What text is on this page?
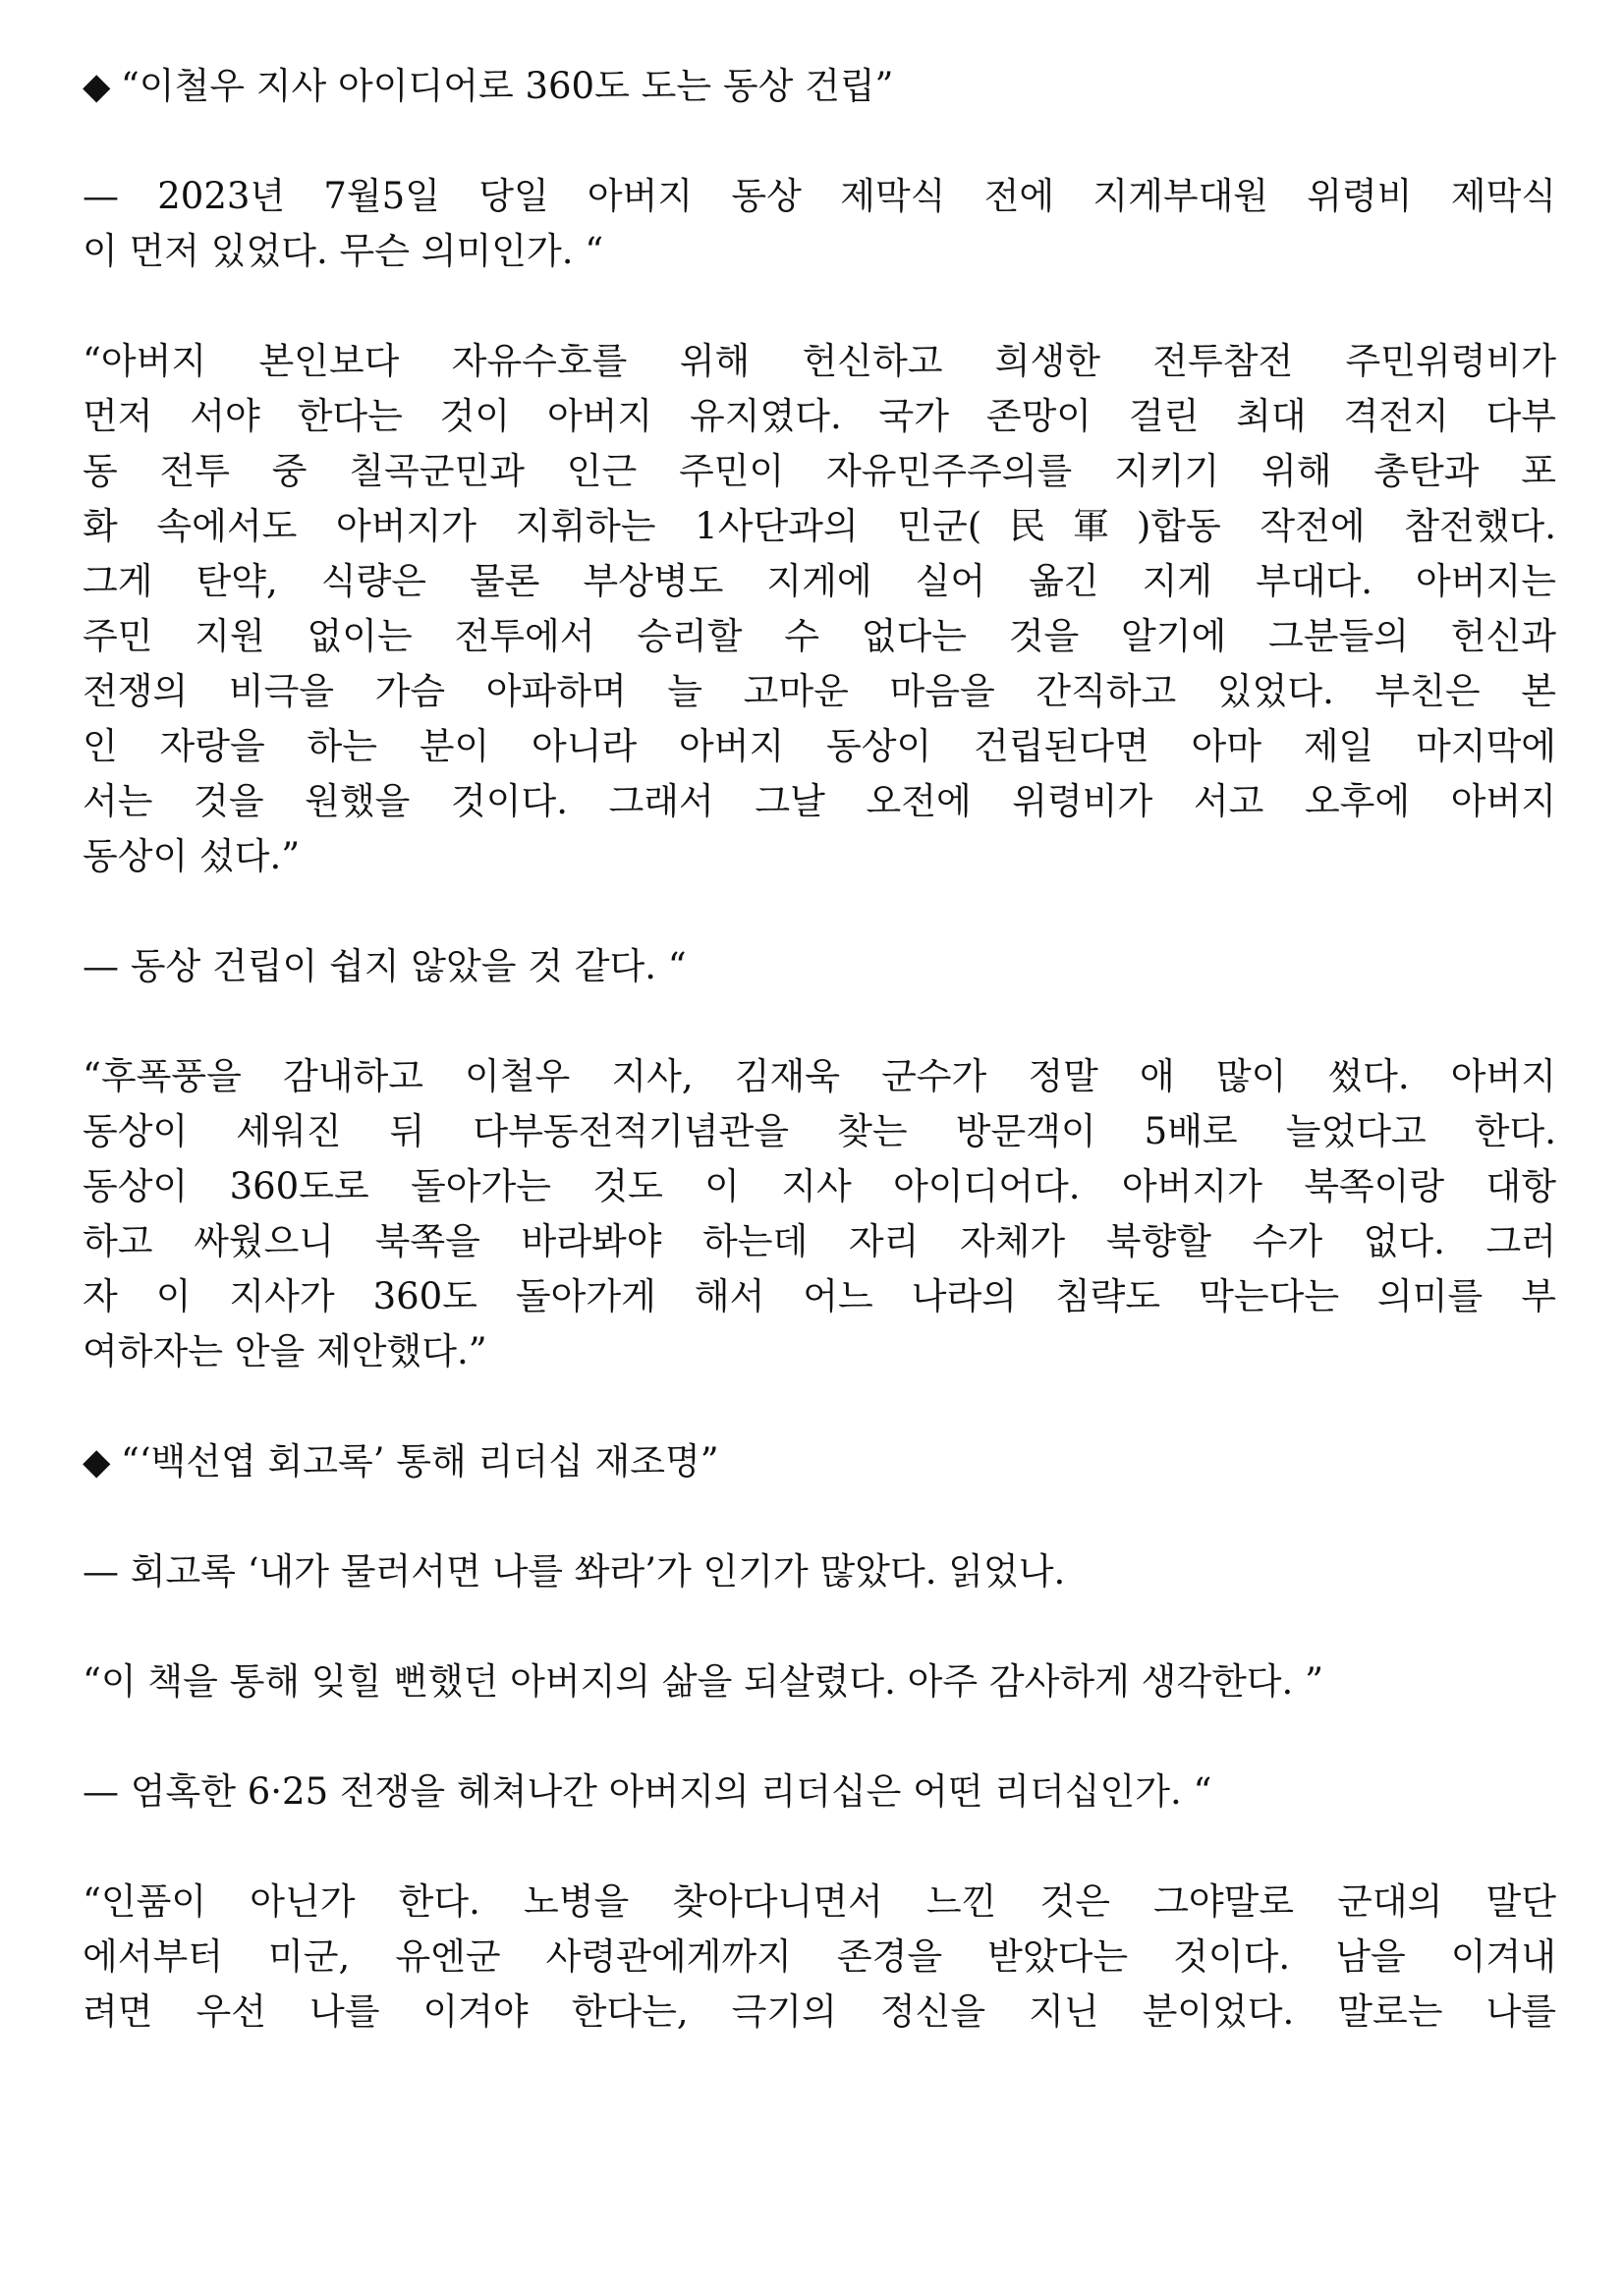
◆ “이철우 지사 아이디어로 360도 도는 동상 건립”

— 2023년 7월5일 당일 아버지 동상 제막식 전에 지게부대원 위령비 제막식
이 먼저 있었다. 무슨 의미인가. “

“아버지 본인보다 자유수호를 위해 헌신하고 희생한 전투참전 주민위령비가
먼저 서야 한다는 것이 아버지 유지였다. 국가 존망이 걸린 최대 격전지 다부
동 전투 중 칠곡군민과 인근 주민이 자유민주주의를 지키기 위해 총탄과 포
화 속에서도 아버지가 지휘하는 1사단과의 민군(民軍)합동 작전에 참전했다.
그게 탄약, 식량은 물론 부상병도 지게에 실어 옮긴 지게 부대다. 아버지는
주민 지원 없이는 전투에서 승리할 수 없다는 것을 알기에 그분들의 헌신과
전쟁의 비극을 가슴 아파하며 늘 고마운 마음을 간직하고 있었다. 부친은 본
인 자랑을 하는 분이 아니라 아버지 동상이 건립된다면 아마 제일 마지막에
서는 것을 원했을 것이다. 그래서 그날 오전에 위령비가 서고 오후에 아버지
동상이 섰다.”

— 동상 건립이 쉽지 않았을 것 같다. “

“후폭풍을 감내하고 이철우 지사, 김재욱 군수가 정말 애 많이 썼다. 아버지
동상이 세워진 뒤 다부동전적기념관을 찾는 방문객이 5배로 늘었다고 한다.
동상이 360도로 돌아가는 것도 이 지사 아이디어다. 아버지가 북쪽이랑 대항
하고 싸웠으니 북쪽을 바라봐야 하는데 자리 자체가 북향할 수가 없다. 그러
자 이 지사가 360도 돌아가게 해서 어느 나라의 침략도 막는다는 의미를 부
여하자는 안을 제안했다.”

◆ “‘백선엽 회고록’ 통해 리더십 재조명”

— 회고록 ‘내가 물러서면 나를 쏴라’가 인기가 많았다. 읽었나.

“이 책을 통해 잊힐 뻔했던 아버지의 삶을 되살렸다. 아주 감사하게 생각한다. ”

— 엄혹한 6·25 전쟁을 헤쳐나간 아버지의 리더십은 어떤 리더십인가. “

“인품이 아닌가 한다. 노병을 찾아다니면서 느낀 것은 그야말로 군대의 말단
에서부터 미군, 유엔군 사령관에게까지 존경을 받았다는 것이다. 남을 이겨내
려면 우선 나를 이겨야 한다는, 극기의 정신을 지닌 분이었다. 말로는 나를
